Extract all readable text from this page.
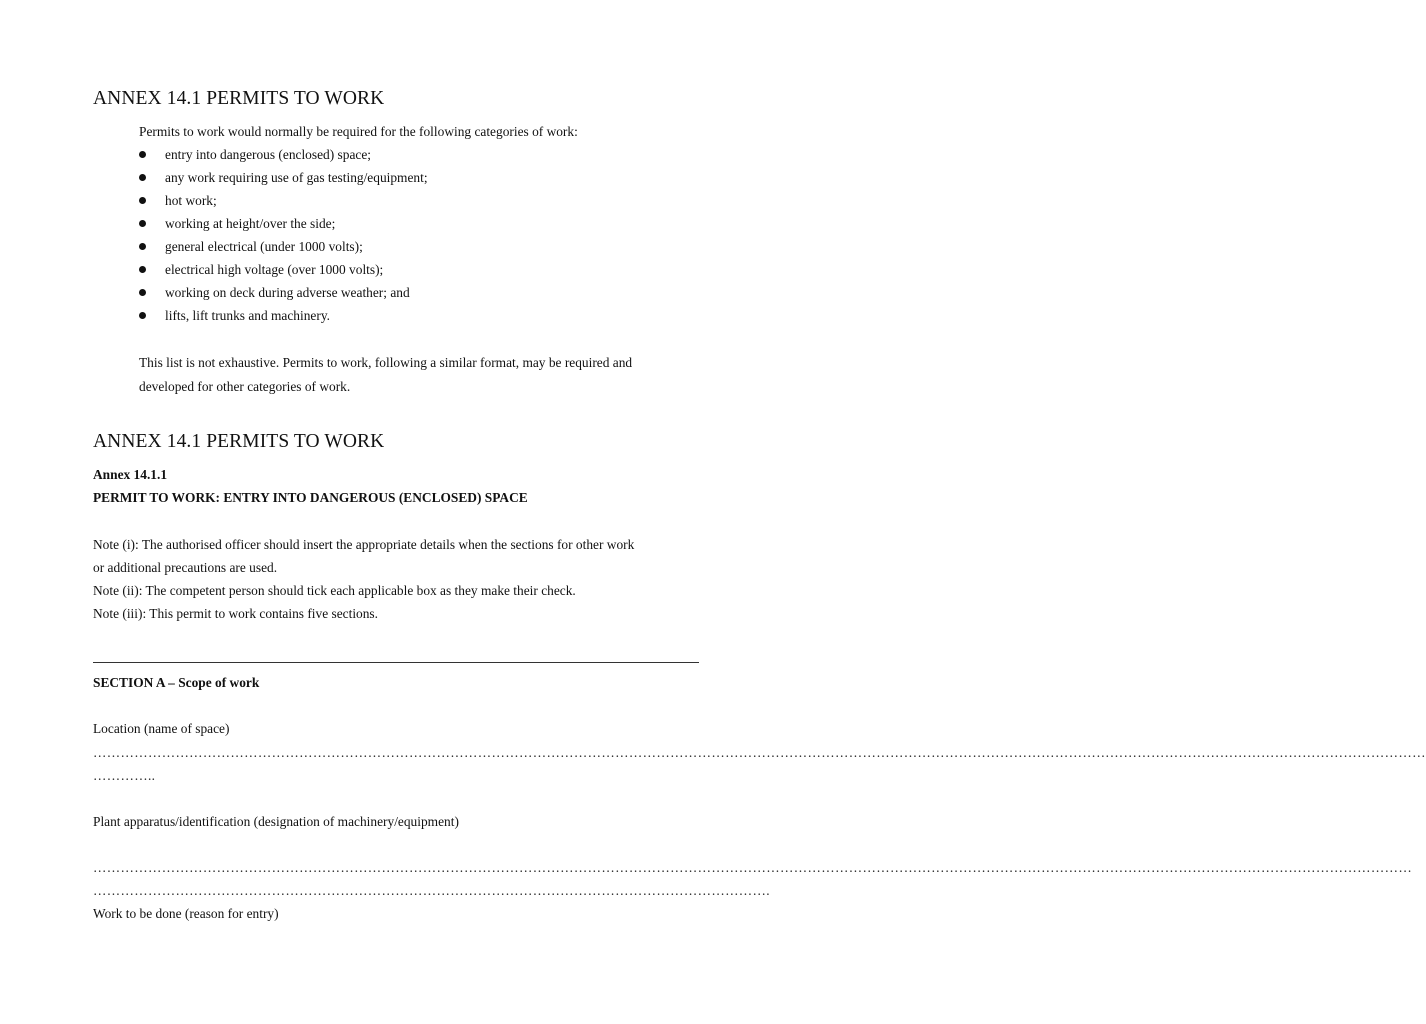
ANNEX 14.1 PERMITS TO WORK
Permits to work would normally be required for the following categories of work:
entry into dangerous (enclosed) space;
any work requiring use of gas testing/equipment;
hot work;
working at height/over the side;
general electrical (under 1000 volts);
electrical high voltage (over 1000 volts);
working on deck during adverse weather; and
lifts, lift trunks and machinery.
This list is not exhaustive. Permits to work, following a similar format, may be required and
developed for other categories of work.
ANNEX 14.1 PERMITS TO WORK
Annex 14.1.1
PERMIT TO WORK: ENTRY INTO DANGEROUS (ENCLOSED) SPACE
Note (i): The authorised officer should insert the appropriate details when the sections for other work
or additional precautions are used.
Note (ii): The competent person should tick each applicable box as they make their check.
Note (iii): This permit to work contains five sections.
SECTION A – Scope of work
Location (name of space)
…………………………………………………………………………………………………………………………………………………………………………………………………………………………………………………………………
…………..
Plant apparatus/identification (designation of machinery/equipment)
………………………………………………………………………………………………………………………………………………………………………………………………………………………………………………………………
………………………………………………………………………………………………………………………………….
Work to be done (reason for entry)
